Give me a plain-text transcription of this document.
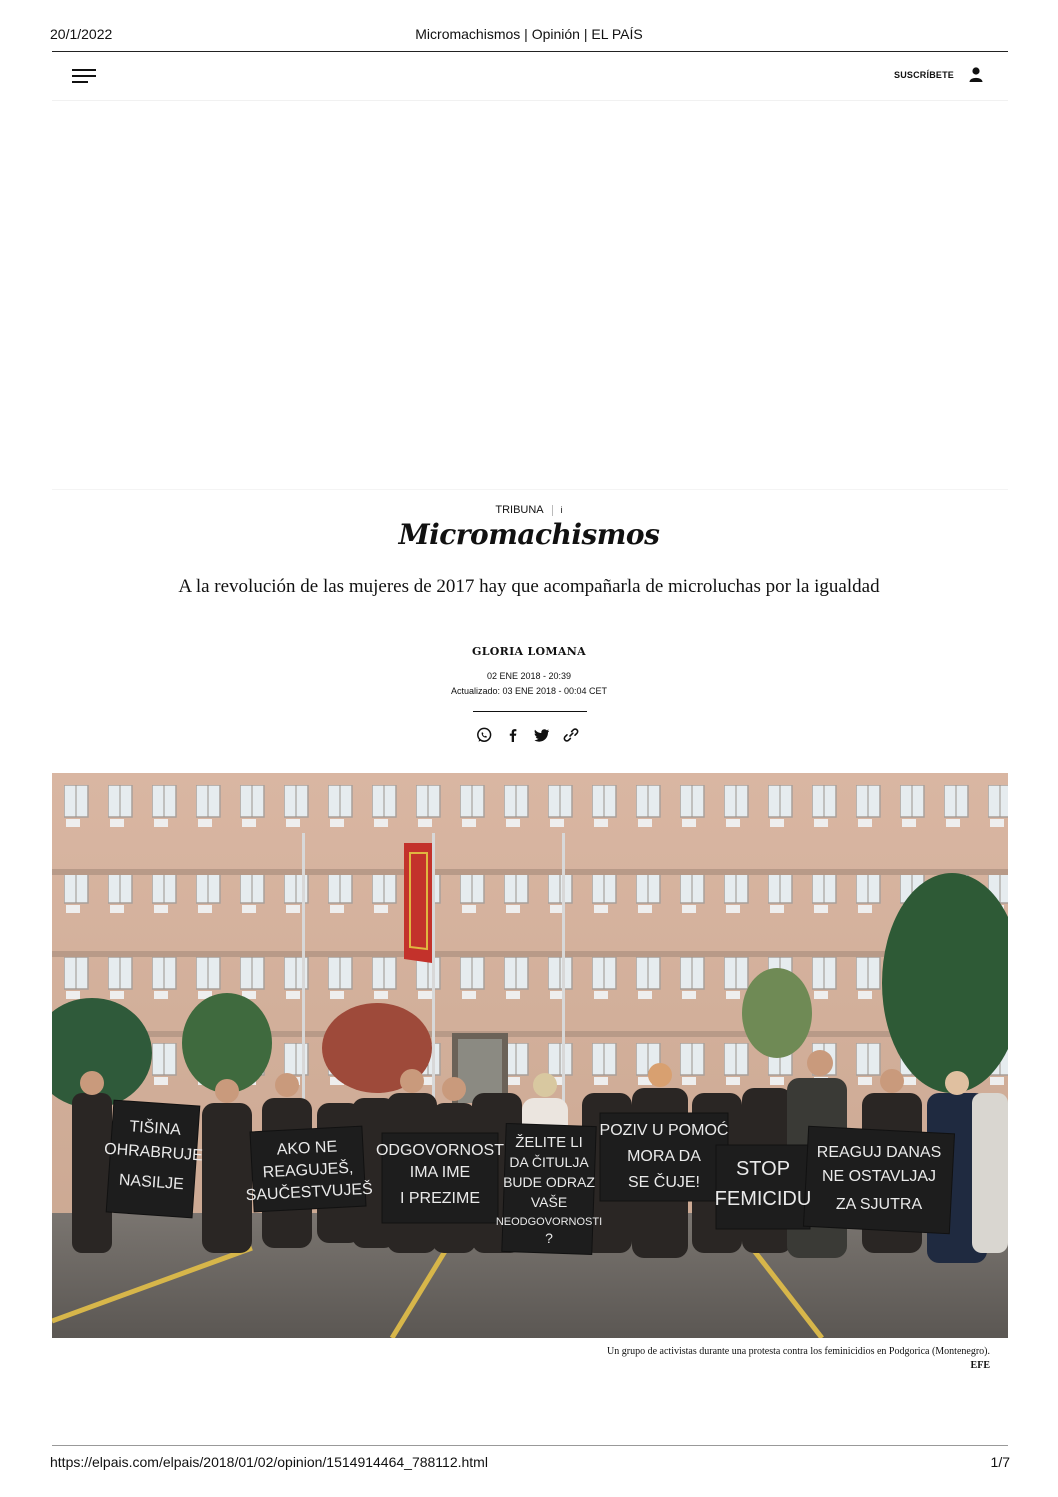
20/1/2022	Micromachismos | Opinión | EL PAÍS
SUSCRÍBETE
TRIBUNA i
Micromachismos
A la revolución de las mujeres de 2017 hay que acompañarla de microluchas por la igualdad
GLORIA LOMANA
02 ENE 2018 - 20:39
Actualizado: 03 ENE 2018 - 00:04 CET
TIŠINA
OHRABRUJE
NASILJE
AKO NE
REAGUJEŠ,
SAUČESTVUJEŠ
ODGOVORNOST
IMA IME
I PREZIME
ŽELITE LI
DA ČITULJA
BUDE ODRAZ
VAŠE
NEODGOVORNOSTI
?
POZIV U POMOĆ
MORA DA
SE ČUJE!
STOP
FEMICIDU
REAGUJ DANAS
NE OSTAVLJAJ
ZA SJUTRA
Un grupo de activistas durante una protesta contra los feminicidios en Podgorica (Montenegro).
EFE
https://elpais.com/elpais/2018/01/02/opinion/1514914464_788112.html	1/7
